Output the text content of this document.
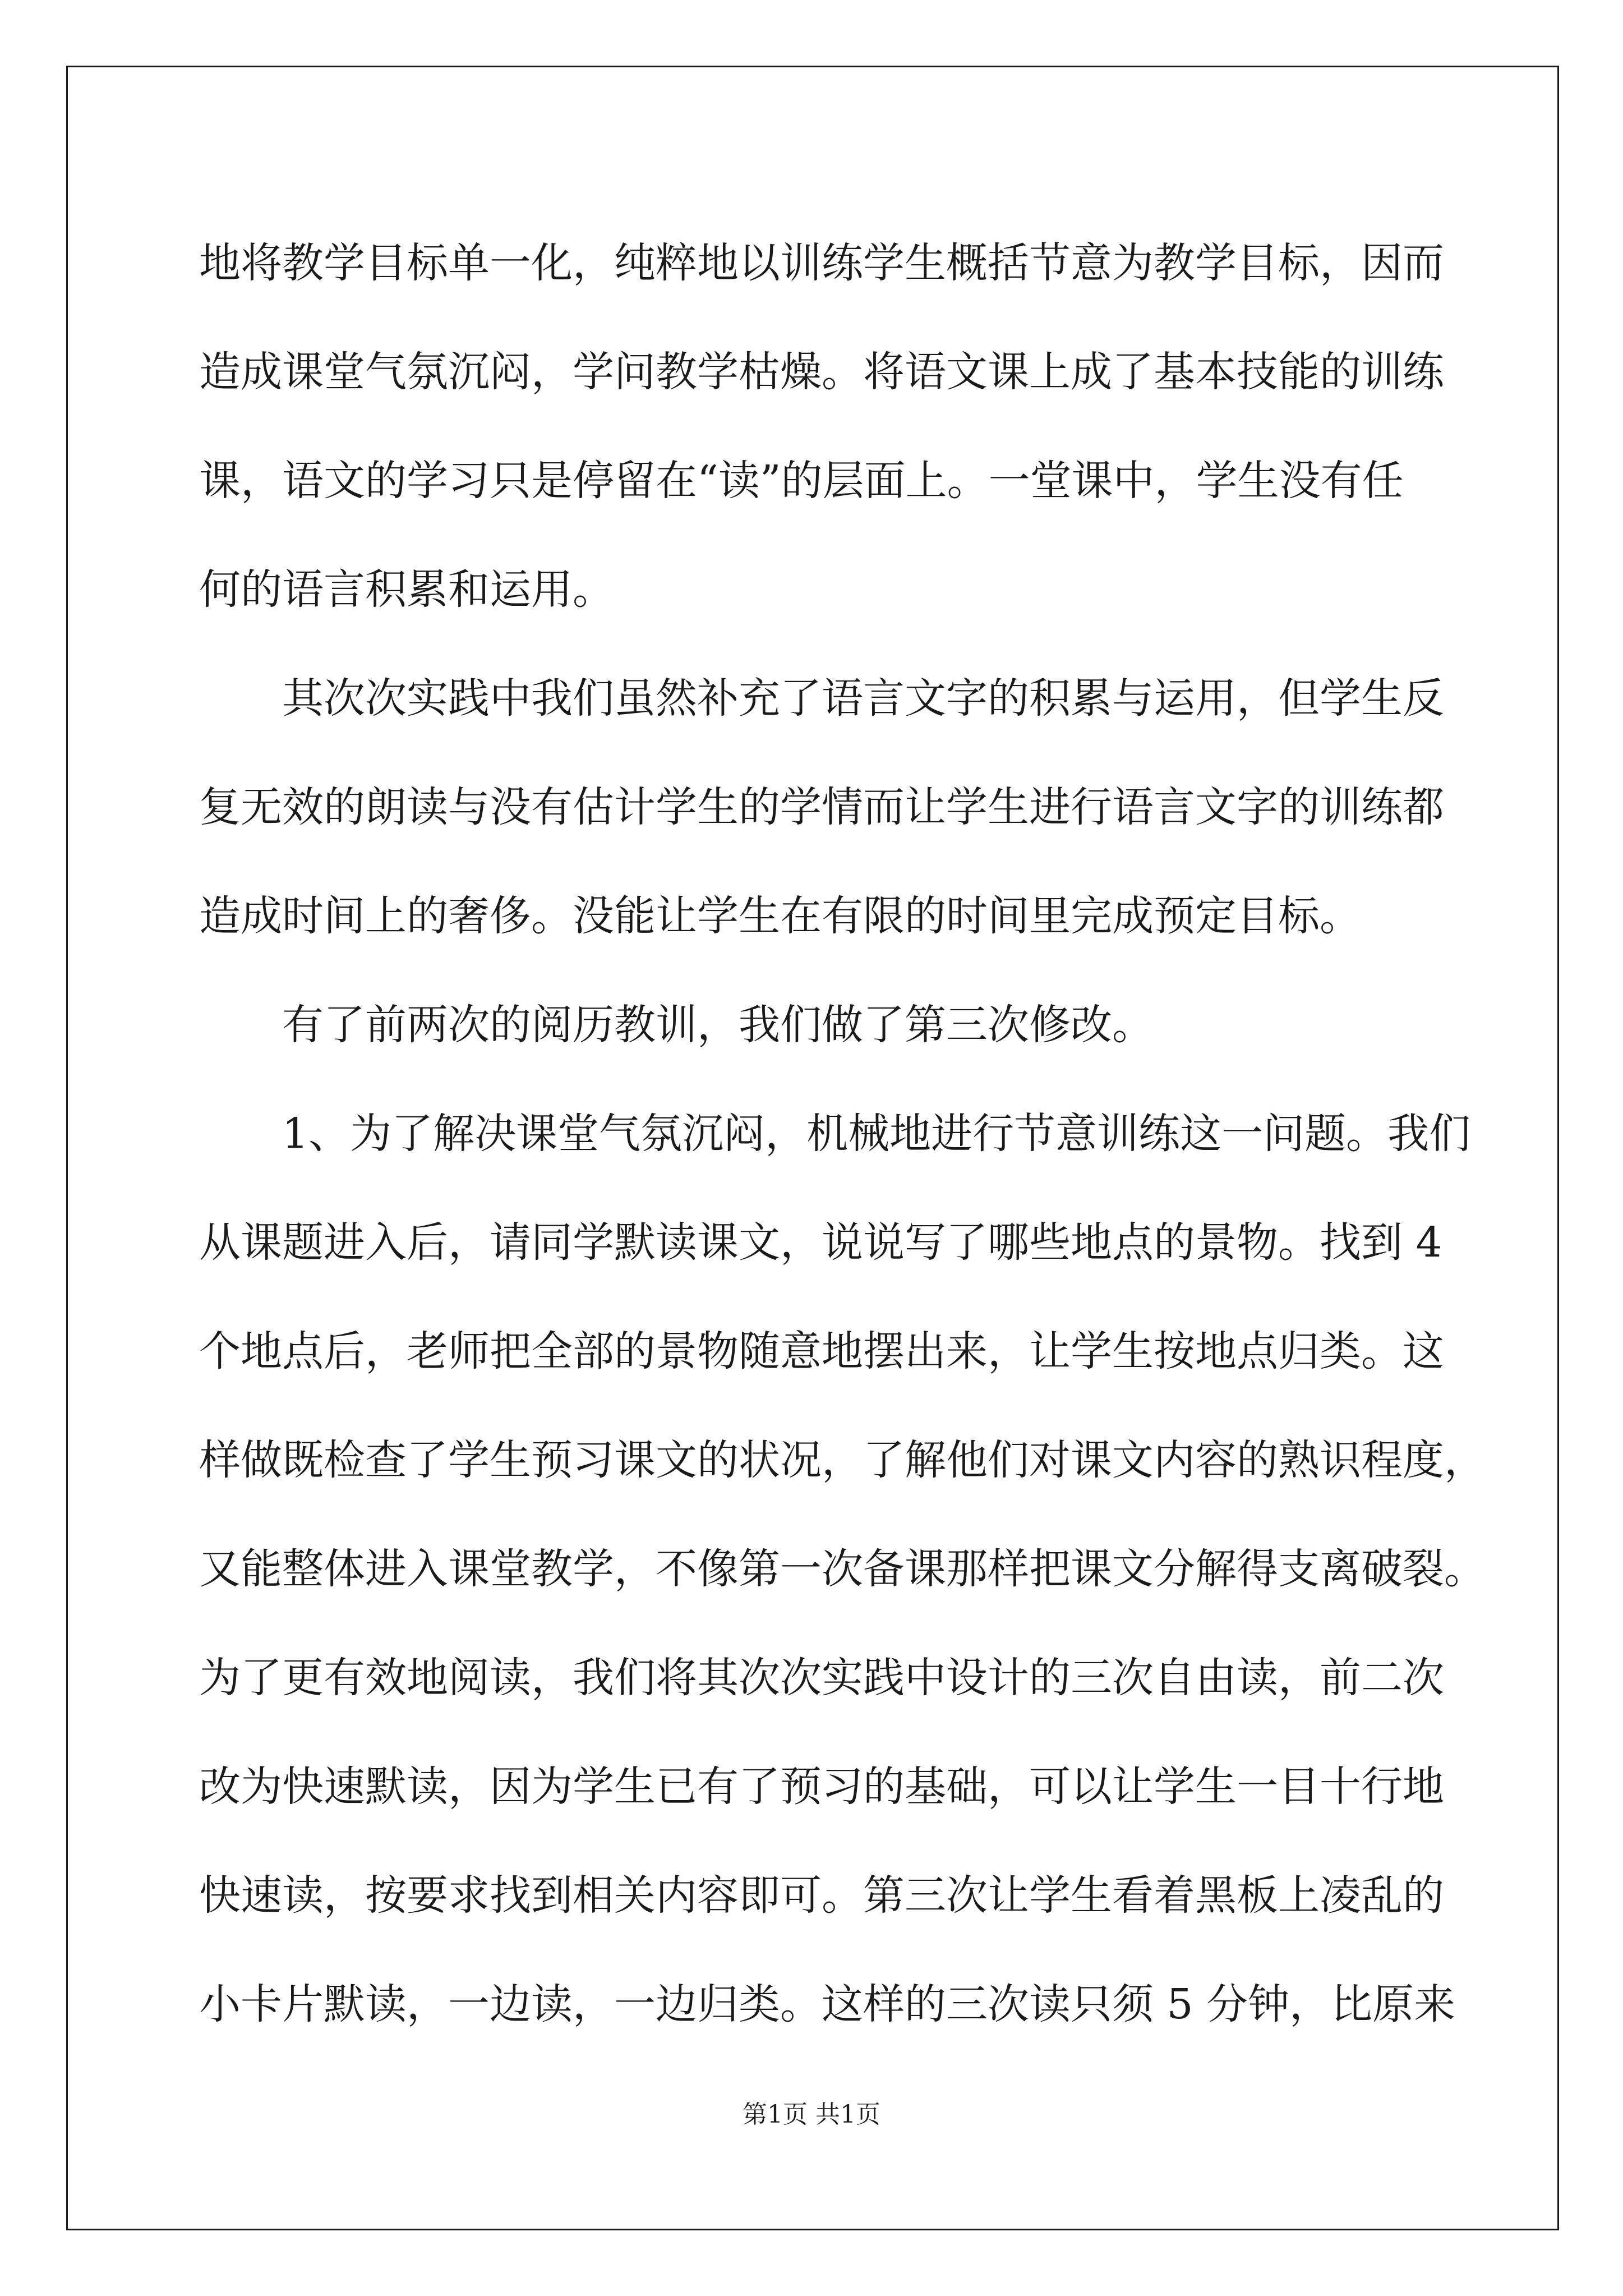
地将教学目标单一化，纯粹地以训练学生概括节意为教学目标，因而
造成课堂气氛沉闷，学问教学枯燥。将语文课上成了基本技能的训练
课，语文的学习只是停留在“读”的层面上。一堂课中，学生没有任
何的语言积累和运用。
其次次实践中我们虽然补充了语言文字的积累与运用，但学生反
复无效的朗读与没有估计学生的学情而让学生进行语言文字的训练都
造成时间上的奢侈。没能让学生在有限的时间里完成预定目标。
有了前两次的阅历教训，我们做了第三次修改。
1、为了解决课堂气氛沉闷，机械地进行节意训练这一问题。我们
从课题进入后，请同学默读课文，说说写了哪些地点的景物。找到 4
个地点后，老师把全部的景物随意地摆出来，让学生按地点归类。这
样做既检查了学生预习课文的状况，了解他们对课文内容的熟识程度，
又能整体进入课堂教学，不像第一次备课那样把课文分解得支离破裂。
为了更有效地阅读，我们将其次次实践中设计的三次自由读，前二次
改为快速默读，因为学生已有了预习的基础，可以让学生一目十行地
快速读，按要求找到相关内容即可。第三次让学生看着黑板上凌乱的
小卡片默读，一边读，一边归类。这样的三次读只须 5 分钟，比原来
第1页 共1页
